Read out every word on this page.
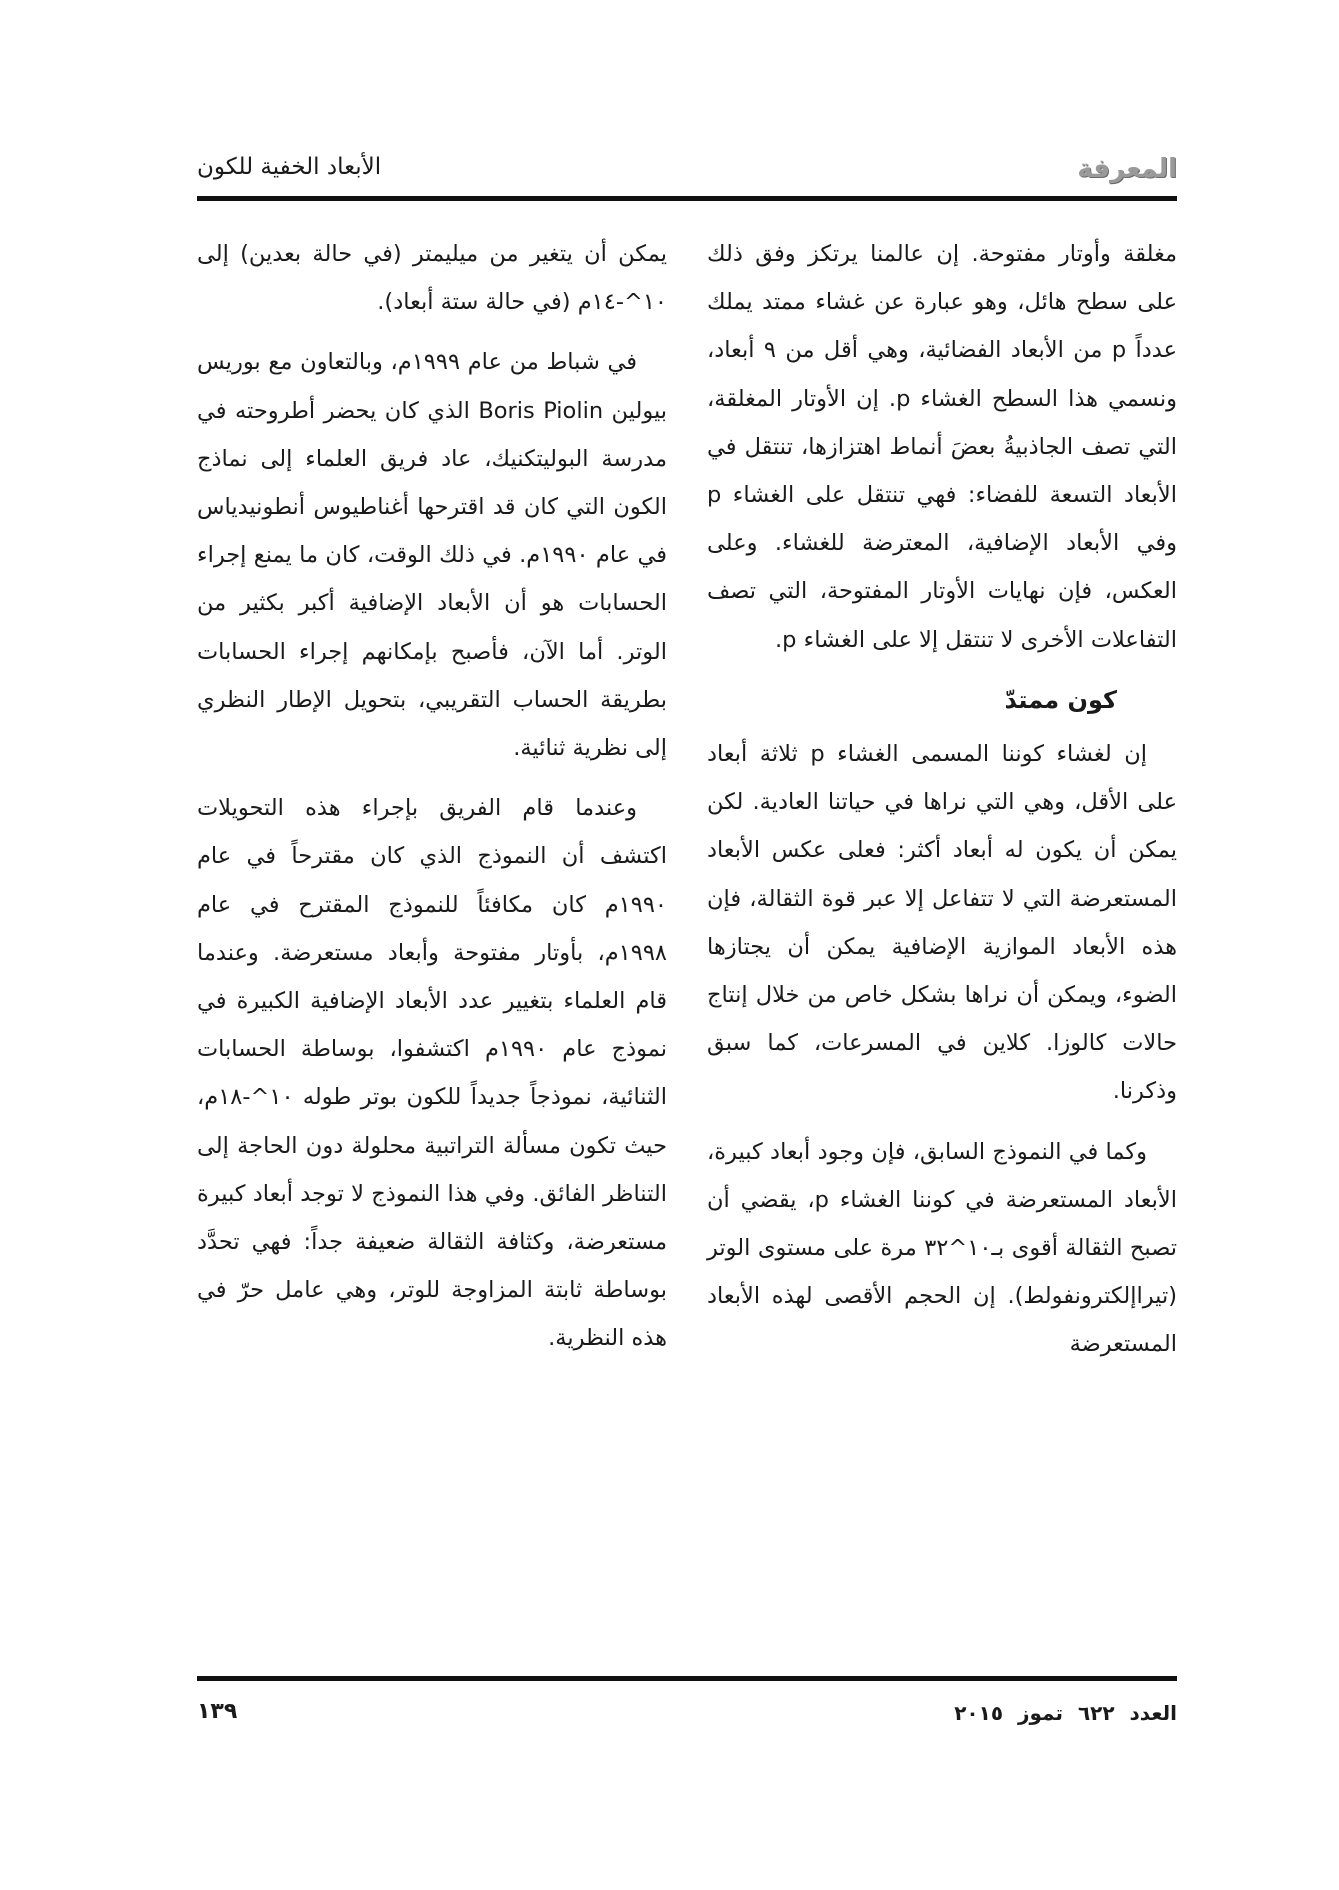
المعرفة
الأبعاد الخفية للكون

مغلقة وأوتار مفتوحة. إن عالمنا يرتكز وفق ذلك على سطح هائل، وهو عبارة عن غشاء ممتد يملك عدداً p من الأبعاد الفضائية، وهي أقل من ٩ أبعاد، ونسمي هذا السطح الغشاء p. إن الأوتار المغلقة، التي تصف الجاذبيةُ بعضَ أنماط اهتزازها، تنتقل في الأبعاد التسعة للفضاء: فهي تنتقل على الغشاء p وفي الأبعاد الإضافية، المعترضة للغشاء. وعلى العكس، فإن نهايات الأوتار المفتوحة، التي تصف التفاعلات الأخرى لا تنتقل إلا على الغشاء p.

كون ممتدّ

إن لغشاء كوننا المسمى الغشاء p ثلاثة أبعاد على الأقل، وهي التي نراها في حياتنا العادية. لكن يمكن أن يكون له أبعاد أكثر: فعلى عكس الأبعاد المستعرضة التي لا تتفاعل إلا عبر قوة الثقالة، فإن هذه الأبعاد الموازية الإضافية يمكن أن يجتازها الضوء، ويمكن أن نراها بشكل خاص من خلال إنتاج حالات كالوزا. كلاين في المسرعات، كما سبق وذكرنا.

وكما في النموذج السابق، فإن وجود أبعاد كبيرة، الأبعاد المستعرضة في كوننا الغشاء p، يقضي أن تصبح الثقالة أقوى بـ١٠^٣٢ مرة على مستوى الوتر (تيراإلكترونفولط). إن الحجم الأقصى لهذه الأبعاد المستعرضة

يمكن أن يتغير من ميليمتر (في حالة بعدين) إلى ١٠^-١٤م (في حالة ستة أبعاد).

في شباط من عام ١٩٩٩م، وبالتعاون مع بوريس بيولين Boris Piolin الذي كان يحضر أطروحته في مدرسة البوليتكنيك، عاد فريق العلماء إلى نماذج الكون التي كان قد اقترحها أغناطيوس أنطونيدياس في عام ١٩٩٠م. في ذلك الوقت، كان ما يمنع إجراء الحسابات هو أن الأبعاد الإضافية أكبر بكثير من الوتر. أما الآن، فأصبح بإمكانهم إجراء الحسابات بطريقة الحساب التقريبي، بتحويل الإطار النظري إلى نظرية ثنائية.

وعندما قام الفريق بإجراء هذه التحويلات اكتشف أن النموذج الذي كان مقترحاً في عام ١٩٩٠م كان مكافئاً للنموذج المقترح في عام ١٩٩٨م، بأوتار مفتوحة وأبعاد مستعرضة. وعندما قام العلماء بتغيير عدد الأبعاد الإضافية الكبيرة في نموذج عام ١٩٩٠م اكتشفوا، بوساطة الحسابات الثنائية، نموذجاً جديداً للكون بوتر طوله ١٠^-١٨م، حيث تكون مسألة التراتبية محلولة دون الحاجة إلى التناظر الفائق. وفي هذا النموذج لا توجد أبعاد كبيرة مستعرضة، وكثافة الثقالة ضعيفة جداً: فهي تحدَّد بوساطة ثابتة المزاوجة للوتر، وهي عامل حرّ في هذه النظرية.

العدد ٦٢٢ تموز ٢٠١٥
١٣٩
